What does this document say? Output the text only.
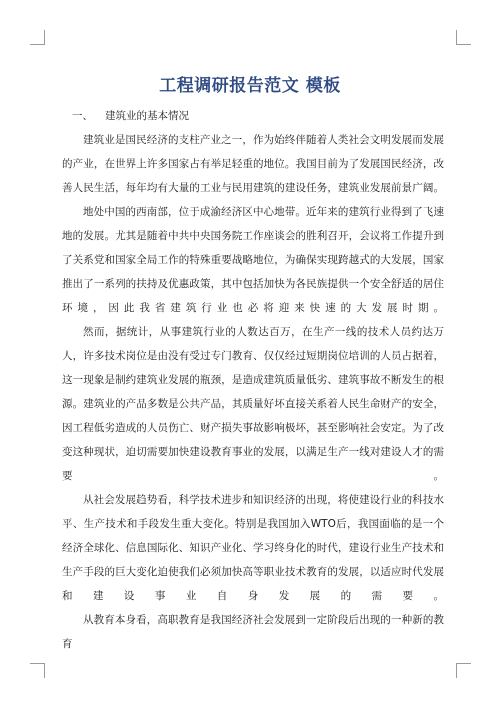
工程调研报告范文 模板

一、 建筑业的基本情况

建筑业是国民经济的支柱产业之一，作为始终伴随着人类社会文明发展而发展的产业，在世界上许多国家占有举足轻重的地位。我国目前为了发展国民经济，改善人民生活，每年均有大量的工业与民用建筑的建设任务，建筑业发展前景广阔。

地处中国的西南部，位于成渝经济区中心地带。近年来的建筑行业得到了飞速地的发展。尤其是随着中共中央国务院工作座谈会的胜利召开，会议将工作提升到了关系党和国家全局工作的特殊重要战略地位，为确保实现跨越式的大发展，国家推出了一系列的扶持及优惠政策，其中包括加快为各民族提供一个安全舒适的居住环境，因此我省建筑行业也必将迎来快速的大发展时期。

然而，据统计，从事建筑行业的人数达百万，在生产一线的技术人员约达万人，许多技术岗位是由没有受过专门教育、仅仅经过短期岗位培训的人员占据着，这一现象是制约建筑业发展的瓶颈，是造成建筑质量低劣、建筑事故不断发生的根源。建筑业的产品多数是公共产品，其质量好坏直接关系着人民生命财产的安全，因工程低劣造成的人员伤亡、财产损失事故影响极坏，甚至影响社会安定。为了改变这种现状，迫切需要加快建设教育事业的发展，以满足生产一线对建设人才的需要。

从社会发展趋势看，科学技术进步和知识经济的出现，将使建设行业的科技水平、生产技术和手段发生重大变化。特别是我国加入WTO后，我国面临的是一个经济全球化、信息国际化、知识产业化、学习终身化的时代，建设行业生产技术和生产手段的巨大变化迫使我们必须加快高等职业技术教育的发展，以适应时代发展和建设事业自身发展的需要。

从教育本身看，高职教育是我国经济社会发展到一定阶段后出现的一种新的教育
